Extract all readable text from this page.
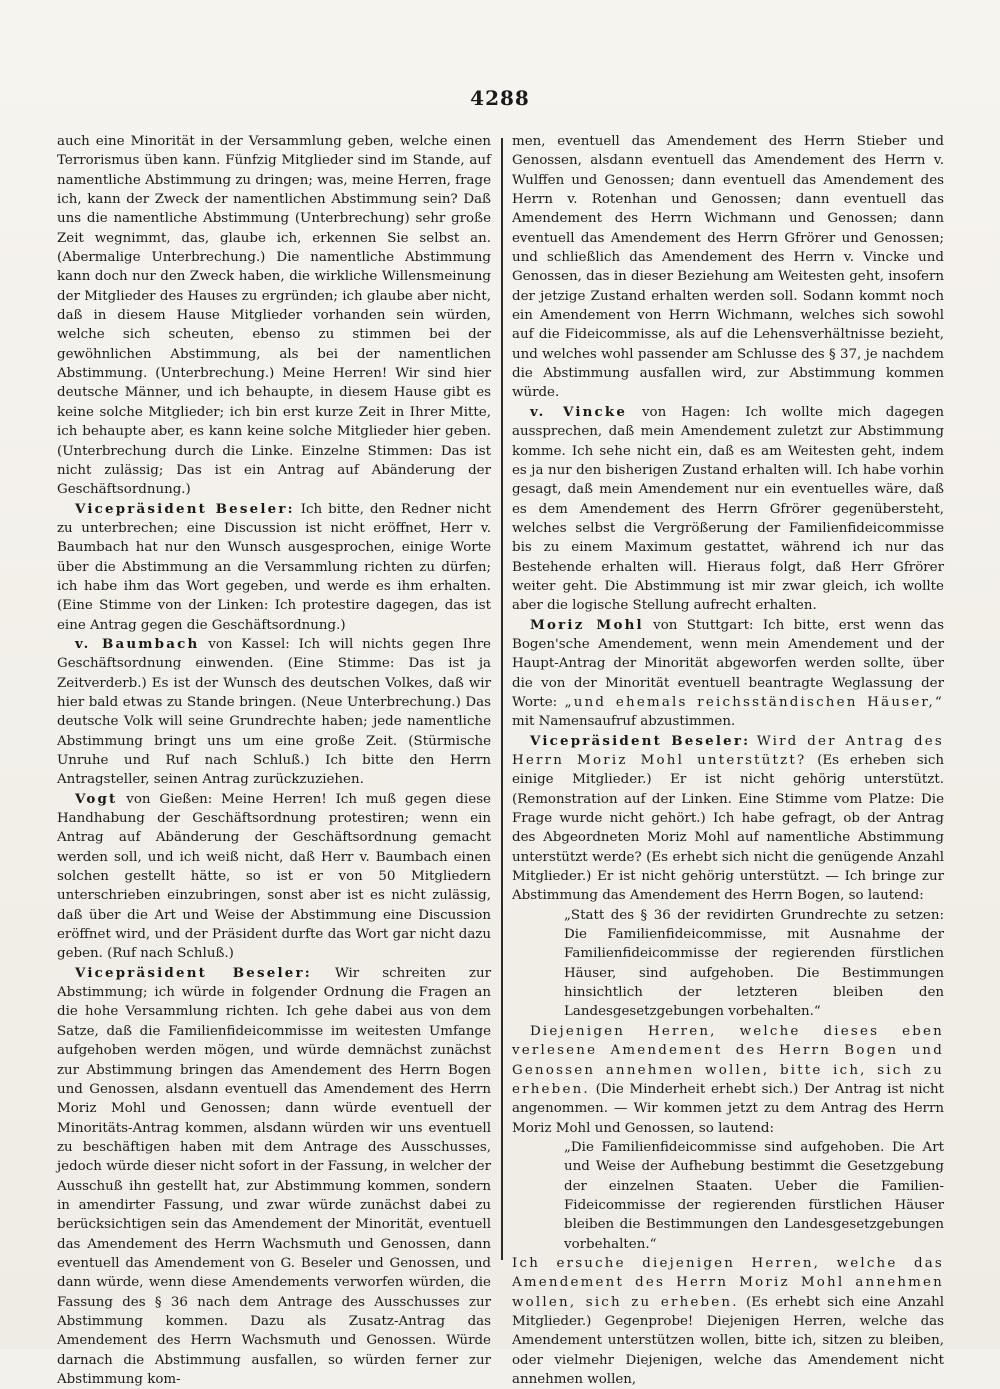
4288

auch eine Minorität in der Versammlung geben, welche einen Terrorismus üben kann. Fünfzig Mitglieder sind im Stande, auf namentliche Abstimmung zu dringen; was, meine Herren, frage ich, kann der Zweck der namentlichen Abstimmung sein? Daß uns die namentliche Abstimmung (Unterbrechung) sehr große Zeit wegnimmt, das, glaube ich, erkennen Sie selbst an. (Abermalige Unterbrechung.) Die namentliche Abstimmung kann doch nur den Zweck haben, die wirkliche Willensmeinung der Mitglieder des Hauses zu ergründen; ich glaube aber nicht, daß in diesem Hause Mitglieder vorhanden sein würden, welche sich scheuten, ebenso zu stimmen bei der gewöhnlichen Abstimmung, als bei der namentlichen Abstimmung. (Unterbrechung.) Meine Herren! Wir sind hier deutsche Männer, und ich behaupte, in diesem Hause gibt es keine solche Mitglieder; ich bin erst kurze Zeit in Ihrer Mitte, ich behaupte aber, es kann keine solche Mitglieder hier geben. (Unterbrechung durch die Linke. Einzelne Stimmen: Das ist nicht zulässig; Das ist ein Antrag auf Abänderung der Geschäftsordnung.)

Vicepräsident Beseler: Ich bitte, den Redner nicht zu unterbrechen; eine Discussion ist nicht eröffnet, Herr v. Baumbach hat nur den Wunsch ausgesprochen, einige Worte über die Abstimmung an die Versammlung richten zu dürfen; ich habe ihm das Wort gegeben, und werde es ihm erhalten. (Eine Stimme von der Linken: Ich protestire dagegen, das ist eine Antrag gegen die Geschäftsordnung.)

v. Baumbach von Kassel: Ich will nichts gegen Ihre Geschäftsordnung einwenden. (Eine Stimme: Das ist ja Zeitverderb.) Es ist der Wunsch des deutschen Volkes, daß wir hier bald etwas zu Stande bringen. (Neue Unterbrechung.) Das deutsche Volk will seine Grundrechte haben; jede namentliche Abstimmung bringt uns um eine große Zeit. (Stürmische Unruhe und Ruf nach Schluß.) Ich bitte den Herrn Antragsteller, seinen Antrag zurückzuziehen.

Vogt von Gießen: Meine Herren! Ich muß gegen diese Handhabung der Geschäftsordnung protestiren; wenn ein Antrag auf Abänderung der Geschäftsordnung gemacht werden soll, und ich weiß nicht, daß Herr v. Baumbach einen solchen gestellt hätte, so ist er von 50 Mitgliedern unterschrieben einzubringen, sonst aber ist es nicht zulässig, daß über die Art und Weise der Abstimmung eine Discussion eröffnet wird, und der Präsident durfte das Wort gar nicht dazu geben. (Ruf nach Schluß.)

Vicepräsident Beseler: Wir schreiten zur Abstimmung; ich würde in folgender Ordnung die Fragen an die hohe Versammlung richten. Ich gehe dabei aus von dem Satze, daß die Familienfideicommisse im weitesten Umfange aufgehoben werden mögen, und würde demnächst zunächst zur Abstimmung bringen das Amendement des Herrn Bogen und Genossen, alsdann eventuell das Amendement des Herrn Moriz Mohl und Genossen; dann würde eventuell der Minoritäts-Antrag kommen, alsdann würden wir uns eventuell zu beschäftigen haben mit dem Antrage des Ausschusses, jedoch würde dieser nicht sofort in der Fassung, in welcher der Ausschuß ihn gestellt hat, zur Abstimmung kommen, sondern in amendirter Fassung, und zwar würde zunächst dabei zu berücksichtigen sein das Amendement der Minorität, eventuell das Amendement des Herrn Wachsmuth und Genossen, dann eventuell das Amendement von G. Beseler und Genossen, und dann würde, wenn diese Amendements verworfen würden, die Fassung des § 36 nach dem Antrage des Ausschusses zur Abstimmung kommen. Dazu als Zusatz-Antrag das Amendement des Herrn Wachsmuth und Genossen. Würde darnach die Abstimmung ausfallen, so würden ferner zur Abstimmung kom-

men, eventuell das Amendement des Herrn Stieber und Genossen, alsdann eventuell das Amendement des Herrn v. Wulffen und Genossen; dann eventuell das Amendement des Herrn v. Rotenhan und Genossen; dann eventuell das Amendement des Herrn Wichmann und Genossen; dann eventuell das Amendement des Herrn Gfrörer und Genossen; und schließlich das Amendement des Herrn v. Vincke und Genossen, das in dieser Beziehung am Weitesten geht, insofern der jetzige Zustand erhalten werden soll. Sodann kommt noch ein Amendement von Herrn Wichmann, welches sich sowohl auf die Fideicommisse, als auf die Lehensverhältnisse bezieht, und welches wohl passender am Schlusse des § 37, je nachdem die Abstimmung ausfallen wird, zur Abstimmung kommen würde.

v. Vincke von Hagen: Ich wollte mich dagegen aussprechen, daß mein Amendement zuletzt zur Abstimmung komme. Ich sehe nicht ein, daß es am Weitesten geht, indem es ja nur den bisherigen Zustand erhalten will. Ich habe vorhin gesagt, daß mein Amendement nur ein eventuelles wäre, daß es dem Amendement des Herrn Gfrörer gegenübersteht, welches selbst die Vergrößerung der Familienfideicommisse bis zu einem Maximum gestattet, während ich nur das Bestehende erhalten will. Hieraus folgt, daß Herr Gfrörer weiter geht. Die Abstimmung ist mir zwar gleich, ich wollte aber die logische Stellung aufrecht erhalten.

Moriz Mohl von Stuttgart: Ich bitte, erst wenn das Bogen'sche Amendement, wenn mein Amendement und der Haupt-Antrag der Minorität abgeworfen werden sollte, über die von der Minorität eventuell beantragte Weglassung der Worte: „und ehemals reichsständischen Häuser,“ mit Namensaufruf abzustimmen.

Vicepräsident Beseler: Wird der Antrag des Herrn Moriz Mohl unterstützt? (Es erheben sich einige Mitglieder.) Er ist nicht gehörig unterstützt. (Remonstration auf der Linken. Eine Stimme vom Platze: Die Frage wurde nicht gehört.) Ich habe gefragt, ob der Antrag des Abgeordneten Moriz Mohl auf namentliche Abstimmung unterstützt werde? (Es erhebt sich nicht die genügende Anzahl Mitglieder.) Er ist nicht gehörig unterstützt. — Ich bringe zur Abstimmung das Amendement des Herrn Bogen, so lautend:

„Statt des § 36 der revidirten Grundrechte zu setzen: Die Familienfideicommisse, mit Ausnahme der Familienfideicommisse der regierenden fürstlichen Häuser, sind aufgehoben. Die Bestimmungen hinsichtlich der letzteren bleiben den Landesgesetzgebungen vorbehalten.“

Diejenigen Herren, welche dieses eben verlesene Amendement des Herrn Bogen und Genossen annehmen wollen, bitte ich, sich zu erheben. (Die Minderheit erhebt sich.) Der Antrag ist nicht angenommen. — Wir kommen jetzt zu dem Antrag des Herrn Moriz Mohl und Genossen, so lautend:

„Die Familienfideicommisse sind aufgehoben. Die Art und Weise der Aufhebung bestimmt die Gesetzgebung der einzelnen Staaten. Ueber die Familien-Fideicommisse der regierenden fürstlichen Häuser bleiben die Bestimmungen den Landesgesetzgebungen vorbehalten.“

Ich ersuche diejenigen Herren, welche das Amendement des Herrn Moriz Mohl annehmen wollen, sich zu erheben. (Es erhebt sich eine Anzahl Mitglieder.) Gegenprobe! Diejenigen Herren, welche das Amendement unterstützen wollen, bitte ich, sitzen zu bleiben, oder vielmehr Diejenigen, welche das Amendement nicht annehmen wollen,
